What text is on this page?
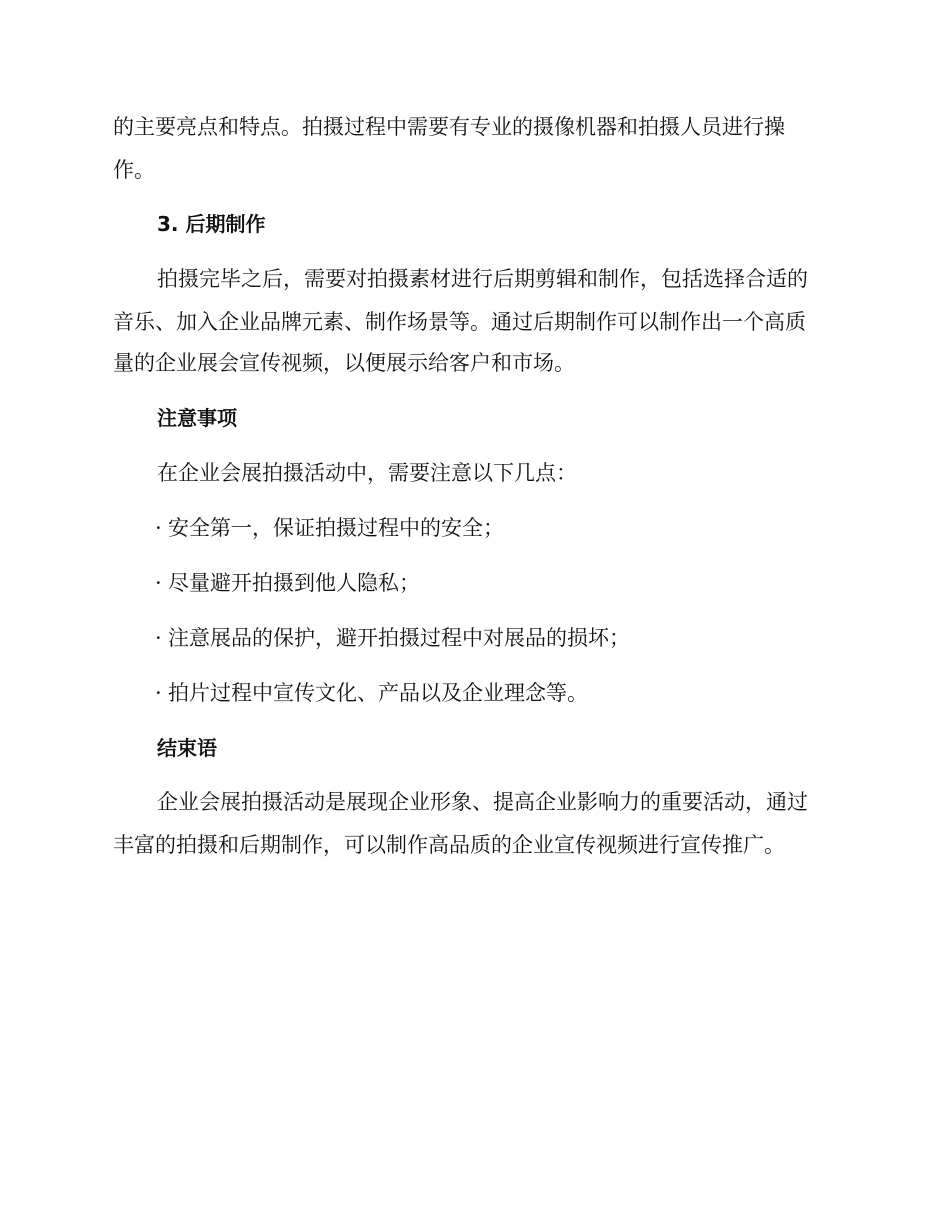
的主要亮点和特点。拍摄过程中需要有专业的摄像机器和拍摄人员进行操

作。

3. 后期制作

拍摄完毕之后，需要对拍摄素材进行后期剪辑和制作，包括选择合适的

音乐、加入企业品牌元素、制作场景等。通过后期制作可以制作出一个高质

量的企业展会宣传视频，以便展示给客户和市场。

注意事项

在企业会展拍摄活动中，需要注意以下几点：

· 安全第一，保证拍摄过程中的安全；

· 尽量避开拍摄到他人隐私；

· 注意展品的保护，避开拍摄过程中对展品的损坏；

· 拍片过程中宣传文化、产品以及企业理念等。

结束语

企业会展拍摄活动是展现企业形象、提高企业影响力的重要活动，通过

丰富的拍摄和后期制作，可以制作高品质的企业宣传视频进行宣传推广。
